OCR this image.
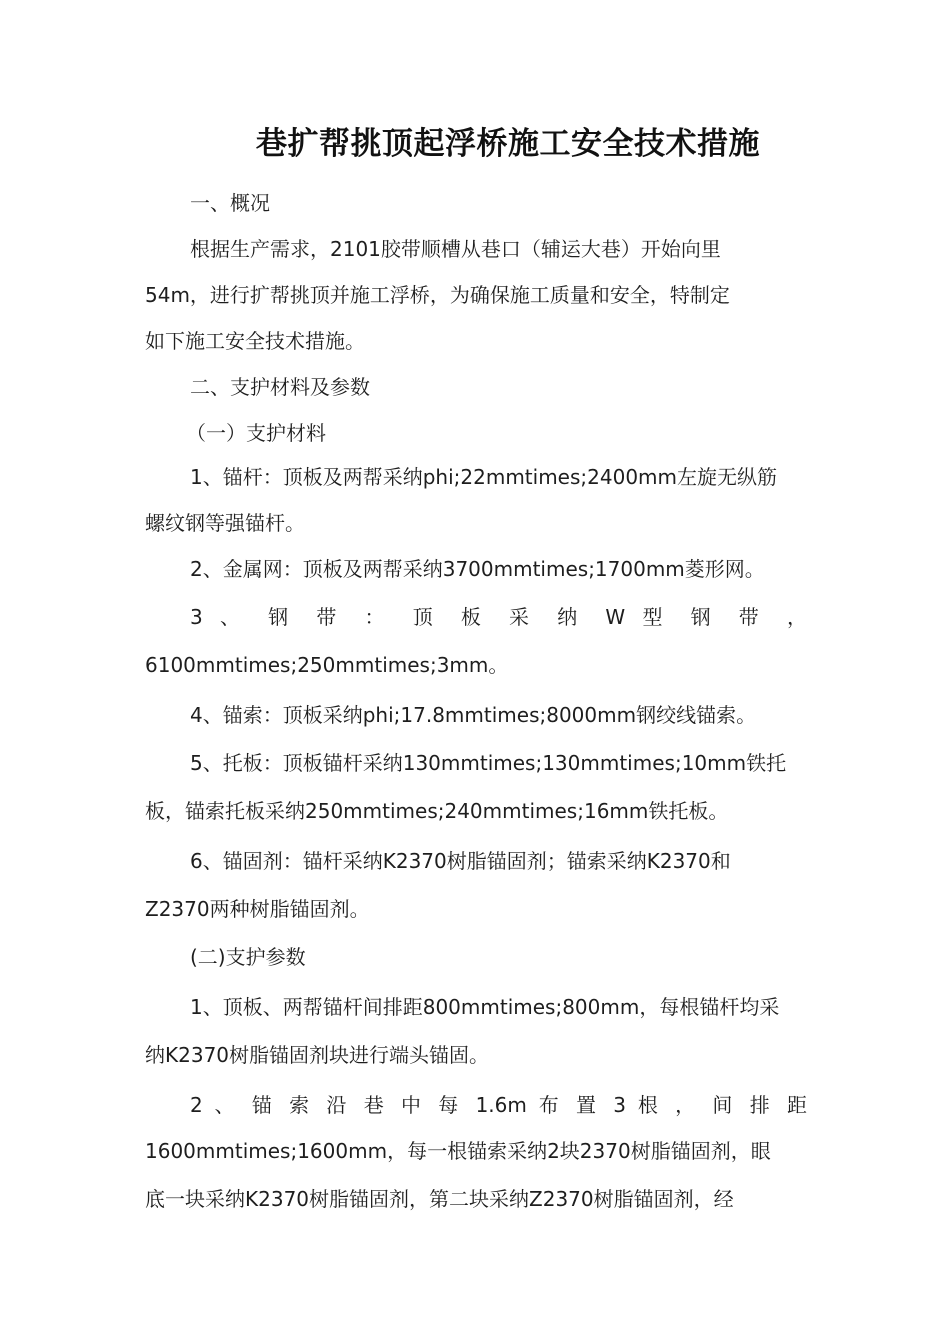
巷扩帮挑顶起浮桥施工安全技术措施
一、概况
根据生产需求，2101胶带顺槽从巷口（辅运大巷）开始向里
54m，进行扩帮挑顶并施工浮桥，为确保施工质量和安全，特制定
如下施工安全技术措施。
二、支护材料及参数
（一）支护材料
1、锚杆：顶板及两帮采纳phi;22mmtimes;2400mm左旋无纵筋
螺纹钢等强锚杆。
2、金属网：顶板及两帮采纳3700mmtimes;1700mm菱形网。
3 、 钢 带 ： 顶 板 采 纳 W 型 钢 带 ，
6100mmtimes;250mmtimes;3mm。
4、锚索：顶板采纳phi;17.8mmtimes;8000mm钢绞线锚索。
5、托板：顶板锚杆采纳130mmtimes;130mmtimes;10mm铁托
板，锚索托板采纳250mmtimes;240mmtimes;16mm铁托板。
6、锚固剂：锚杆采纳K2370树脂锚固剂；锚索采纳K2370和
Z2370两种树脂锚固剂。
(二)支护参数
1、顶板、两帮锚杆间排距800mmtimes;800mm，每根锚杆均采
纳K2370树脂锚固剂块进行端头锚固。
2 、 锚 索 沿 巷 中 每 1.6m 布 置 3 根 ， 间 排 距
1600mmtimes;1600mm，每一根锚索采纳2块2370树脂锚固剂，眼
底一块采纳K2370树脂锚固剂，第二块采纳Z2370树脂锚固剂，经
